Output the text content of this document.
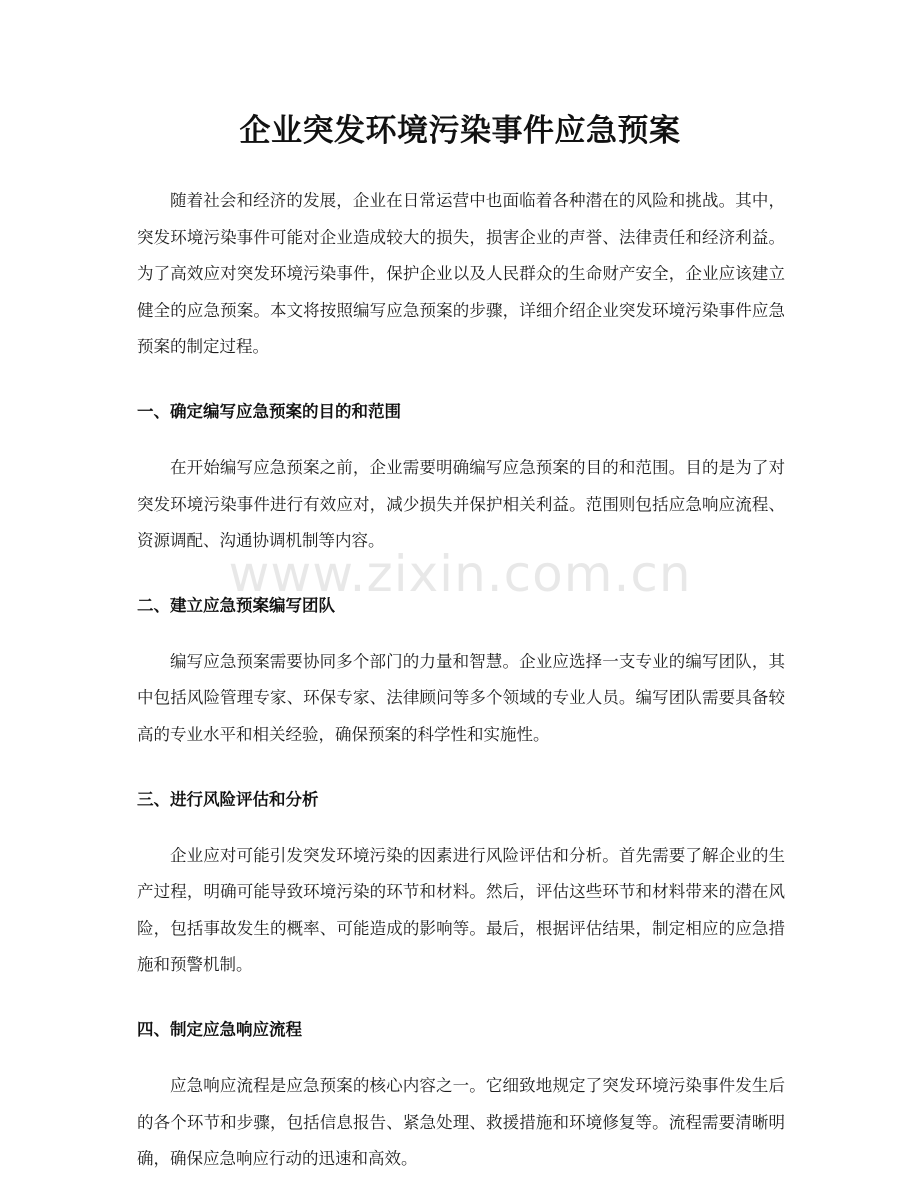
企业突发环境污染事件应急预案

随着社会和经济的发展，企业在日常运营中也面临着各种潜在的风险和挑战。其中，突发环境污染事件可能对企业造成较大的损失，损害企业的声誉、法律责任和经济利益。为了高效应对突发环境污染事件，保护企业以及人民群众的生命财产安全，企业应该建立健全的应急预案。本文将按照编写应急预案的步骤，详细介绍企业突发环境污染事件应急预案的制定过程。

一、确定编写应急预案的目的和范围

在开始编写应急预案之前，企业需要明确编写应急预案的目的和范围。目的是为了对突发环境污染事件进行有效应对，减少损失并保护相关利益。范围则包括应急响应流程、资源调配、沟通协调机制等内容。

二、建立应急预案编写团队

编写应急预案需要协同多个部门的力量和智慧。企业应选择一支专业的编写团队，其中包括风险管理专家、环保专家、法律顾问等多个领域的专业人员。编写团队需要具备较高的专业水平和相关经验，确保预案的科学性和实施性。

三、进行风险评估和分析

企业应对可能引发突发环境污染的因素进行风险评估和分析。首先需要了解企业的生产过程，明确可能导致环境污染的环节和材料。然后，评估这些环节和材料带来的潜在风险，包括事故发生的概率、可能造成的影响等。最后，根据评估结果，制定相应的应急措施和预警机制。

四、制定应急响应流程

应急响应流程是应急预案的核心内容之一。它细致地规定了突发环境污染事件发生后的各个环节和步骤，包括信息报告、紧急处理、救援措施和环境修复等。流程需要清晰明确，确保应急响应行动的迅速和高效。

www.zixin.com.cn
